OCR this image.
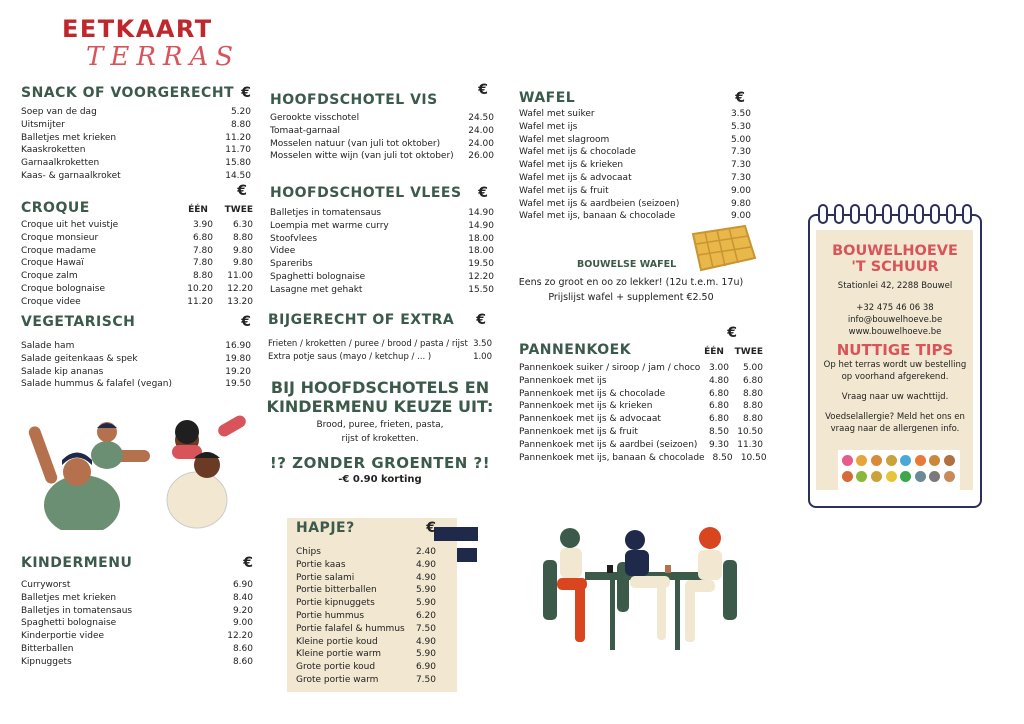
EETKAART
TERRAS
SNACK OF VOORGERECHT €
Soep van de dag	5.20
Uitsmijter	8.80
Balletjes met krieken	11.20
Kaaskroketten	11.70
Garnaalkroketten	15.80
Kaas- & garnaalkroket	14.50
€
CROQUE	ÉÉN TWEE
Croque uit het vuistje	3.90 6.30
Croque monsieur	6.80 8.80
Croque madame	7.80 9.80
Croque Hawaï	7.80 9.80
Croque zalm	8.80 11.00
Croque bolognaise	10.20 12.20
Croque videe	11.20 13.20
VEGETARISCH	€
Salade ham	16.90
Salade geitenkaas & spek	19.80
Salade kip ananas	19.20
Salade hummus & falafel (vegan)	19.50
KINDERMENU	€
Curryworst	6.90
Balletjes met krieken	8.40
Balletjes in tomatensaus	9.20
Spaghetti bolognaise	9.00
Kinderportie videe	12.20
Bitterballen	8.60
Kipnuggets	8.60
€
HOOFDSCHOTEL VIS
Gerookte visschotel	24.50
Tomaat-garnaal	24.00
Mosselen natuur (van juli tot oktober)	24.00
Mosselen witte wijn (van juli tot oktober)	26.00
HOOFDSCHOTEL VLEES €
Balletjes in tomatensaus	14.90
Loempia met warme curry	14.90
Stoofvlees	18.00
Videe	18.00
Spareribs	19.50
Spaghetti bolognaise	12.20
Lasagne met gehakt	15.50
BIJGERECHT OF EXTRA €
Frieten / kroketten / puree / brood / pasta / rijst 3.50
Extra potje saus (mayo / ketchup / ... )	1.00
BIJ HOOFDSCHOTELS EN
KINDERMENU KEUZE UIT:
Brood, puree, frieten, pasta,
rijst of kroketten.
!? ZONDER GROENTEN ?!
-€ 0.90 korting
HAPJE?	€
Chips	2.40
Portie kaas	4.90
Portie salami	4.90
Portie bitterballen	5.90
Portie kipnuggets	5.90
Portie hummus	6.20
Portie falafel & hummus	7.50
Kleine portie koud	4.90
Kleine portie warm	5.90
Grote portie koud	6.90
Grote portie warm	7.50
WAFEL	€
Wafel met suiker	3.50
Wafel met ijs	5.30
Wafel met slagroom	5.00
Wafel met ijs & chocolade	7.30
Wafel met ijs & krieken	7.30
Wafel met ijs & advocaat	7.30
Wafel met ijs & fruit	9.00
Wafel met ijs & aardbeien (seizoen)	9.80
Wafel met ijs, banaan & chocolade	9.00
BOUWELSE WAFEL
Eens zo groot en oo zo lekker! (12u t.e.m. 17u)
Prijslijst wafel + supplement €2.50
€
PANNENKOEK	ÉÉN TWEE
Pannenkoek suiker / siroop / jam / choco 3.00 5.00
Pannenkoek met ijs	4.80 6.80
Pannenkoek met ijs & chocolade	6.80 8.80
Pannenkoek met ijs & krieken	6.80 8.80
Pannenkoek met ijs & advocaat	6.80 8.80
Pannenkoek met ijs & fruit	8.50 10.50
Pannenkoek met ijs & aardbei (seizoen)	9.30 11.30
Pannenkoek met ijs, banaan & chocolade 8.50 10.50
BOUWELHOEVE
'T SCHUUR
Stationlei 42, 2288 Bouwel
+32 475 46 06 38
info@bouwelhoeve.be
www.bouwelhoeve.be
NUTTIGE TIPS
Op het terras wordt uw bestelling
op voorhand afgerekend.
Vraag naar uw wachttijd.
Voedselallergie? Meld het ons en
vraag naar de allergenen info.
